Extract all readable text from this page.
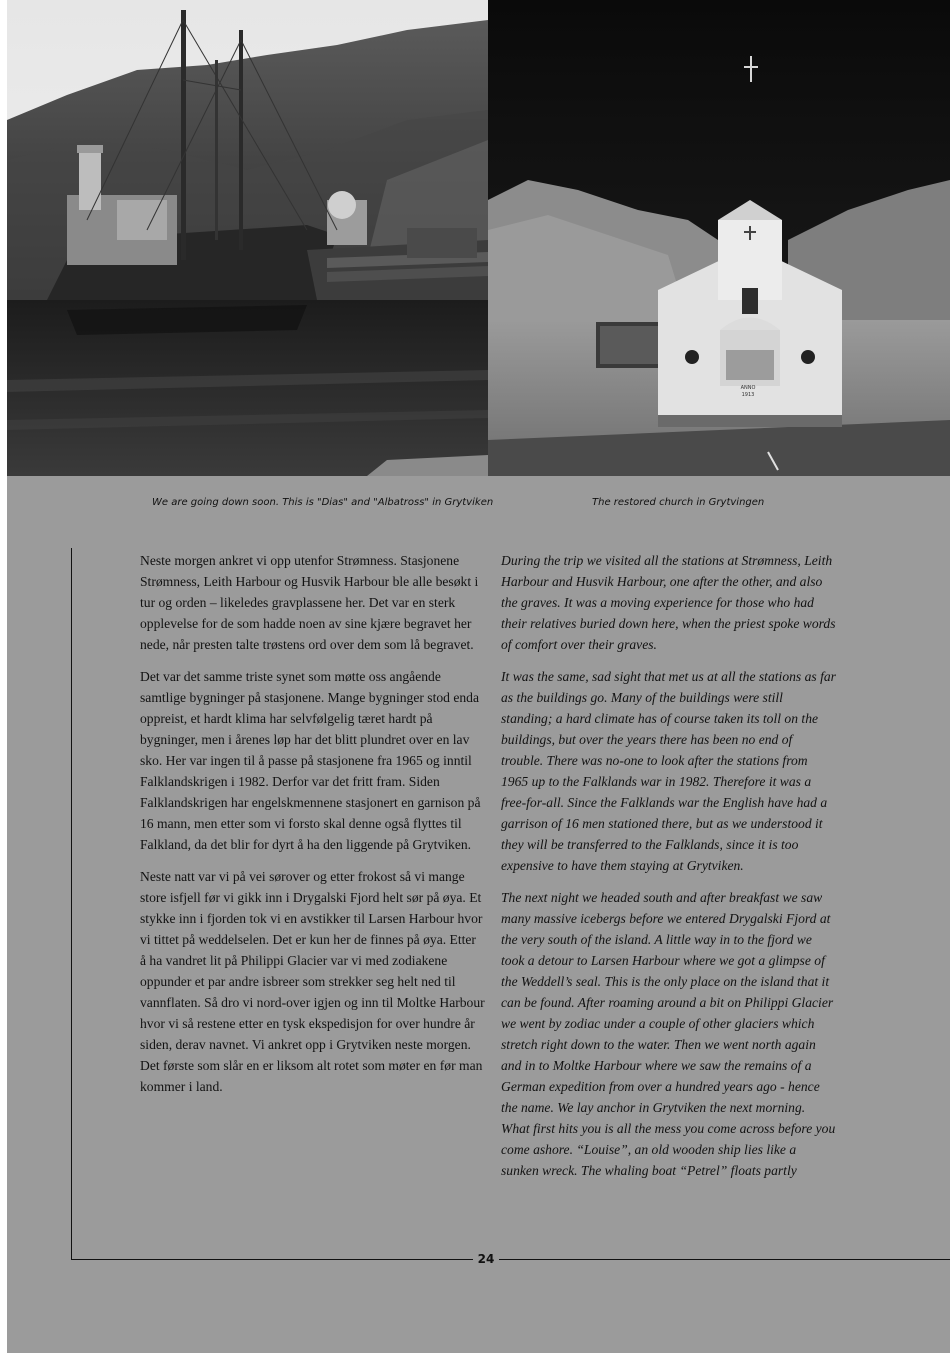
ANNO
1913
We are going down soon. This is "Dias" and "Albatross" in Grytviken	The restored church in Grytvingen

Neste morgen ankret vi opp utenfor Strømness. Stasjonene Strømness, Leith Harbour og Husvik Harbour ble alle besøkt i tur og orden – likeledes gravplassene her. Det var en sterk opplevelse for de som hadde noen av sine kjære begravet her nede, når presten talte trøstens ord over dem som lå begravet.

Det var det samme triste synet som møtte oss angående samtlige bygninger på stasjonene. Mange bygninger stod enda oppreist, et hardt klima har selvfølgelig tæret hardt på bygninger, men i årenes løp har det blitt plundret over en lav sko. Her var ingen til å passe på stasjonene fra 1965 og inntil Falklandskrigen i 1982. Derfor var det fritt fram. Siden Falklandskrigen har engelskmennene stasjonert en garnison på 16 mann, men etter som vi forsto skal denne også flyttes til Falkland, da det blir for dyrt å ha den liggende på Grytviken.

Neste natt var vi på vei sørover og etter frokost så vi mange store isfjell før vi gikk inn i Drygalski Fjord helt sør på øya. Et stykke inn i fjorden tok vi en avstikker til Larsen Harbour hvor vi tittet på weddelselen. Det er kun her de finnes på øya. Etter å ha vandret lit på Philippi Glacier var vi med zodiakene oppunder et par andre isbreer som strekker seg helt ned til vannflaten. Så dro vi nord-over igjen og inn til Moltke Harbour hvor vi så restene etter en tysk ekspedisjon for over hundre år siden, derav navnet. Vi ankret opp i Grytviken neste morgen. Det første som slår en er liksom alt rotet som møter en før man kommer i land.

During the trip we visited all the stations at Strømness, Leith Harbour and Husvik Harbour, one after the other, and also the graves. It was a moving experience for those who had their relatives buried down here, when the priest spoke words of comfort over their graves.

It was the same, sad sight that met us at all the stations as far as the buildings go. Many of the buildings were still standing; a hard climate has of course taken its toll on the buildings, but over the years there has been no end of trouble. There was no-one to look after the stations from 1965 up to the Falklands war in 1982. Therefore it was a free-for-all. Since the Falklands war the English have had a garrison of 16 men stationed there, but as we understood it they will be transferred to the Falklands, since it is too expensive to have them staying at Grytviken.

The next night we headed south and after breakfast we saw many massive icebergs before we entered Drygalski Fjord at the very south of the island. A little way in to the fjord we took a detour to Larsen Harbour where we got a glimpse of the Weddell’s seal. This is the only place on the island that it can be found. After roaming around a bit on Philippi Glacier we went by zodiac under a couple of other glaciers which stretch right down to the water. Then we went north again and in to Moltke Harbour where we saw the remains of a German expedition from over a hundred years ago - hence the name. We lay anchor in Grytviken the next morning. What first hits you is all the mess you come across before you come ashore. “Louise”, an old wooden ship lies like a sunken wreck. The whaling boat “Petrel” floats partly

24
